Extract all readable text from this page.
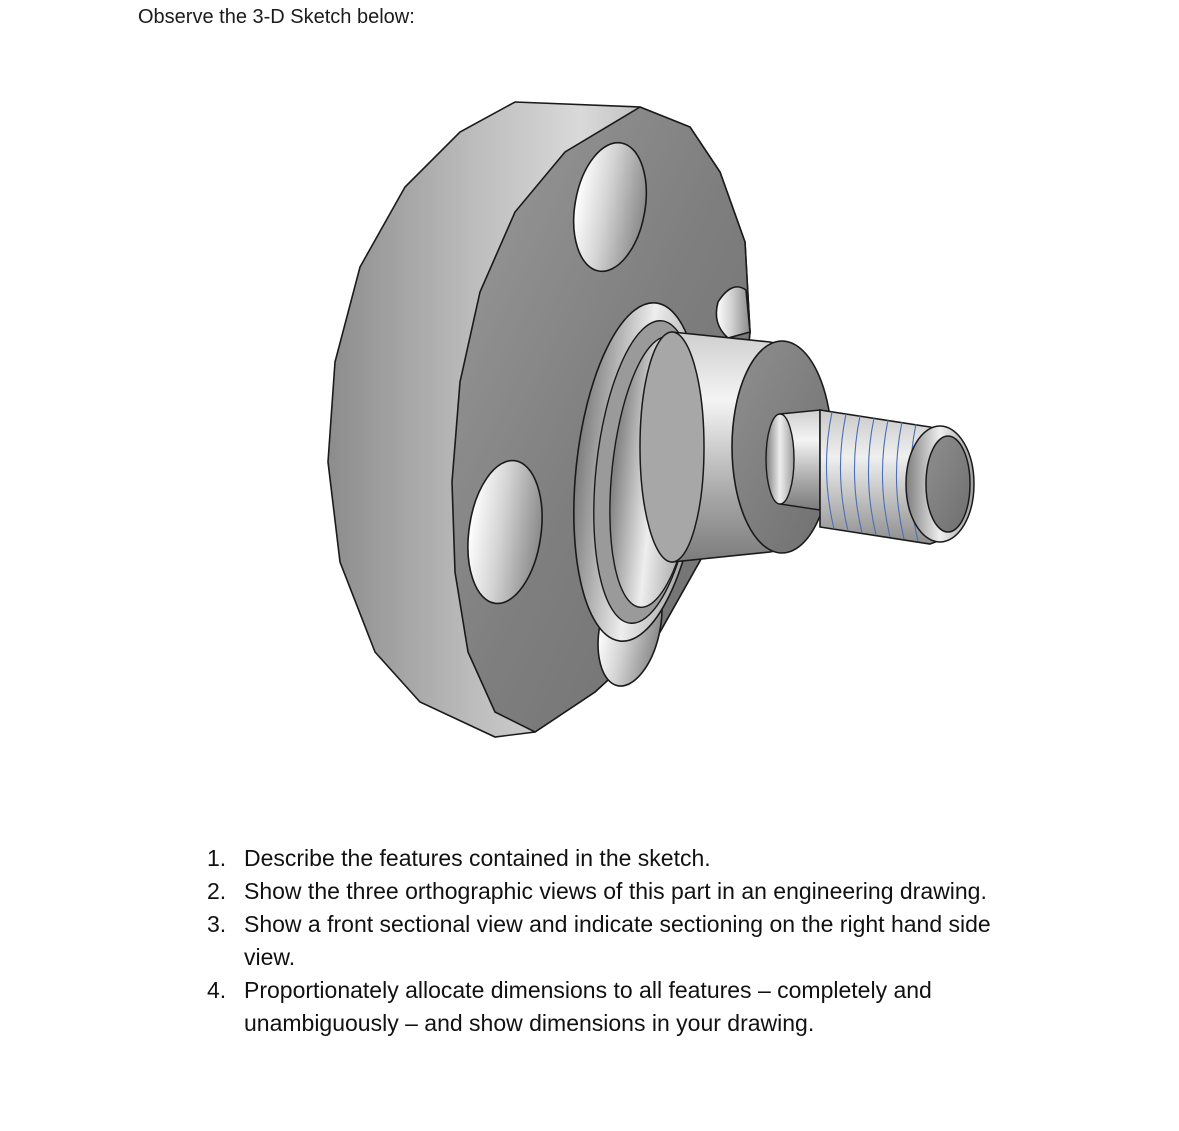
Observe the 3-D Sketch below:

1. Describe the features contained in the sketch.
2. Show the three orthographic views of this part in an engineering drawing.
3. Show a front sectional view and indicate sectioning on the right hand side view.
4. Proportionately allocate dimensions to all features – completely and unambiguously – and show dimensions in your drawing.
